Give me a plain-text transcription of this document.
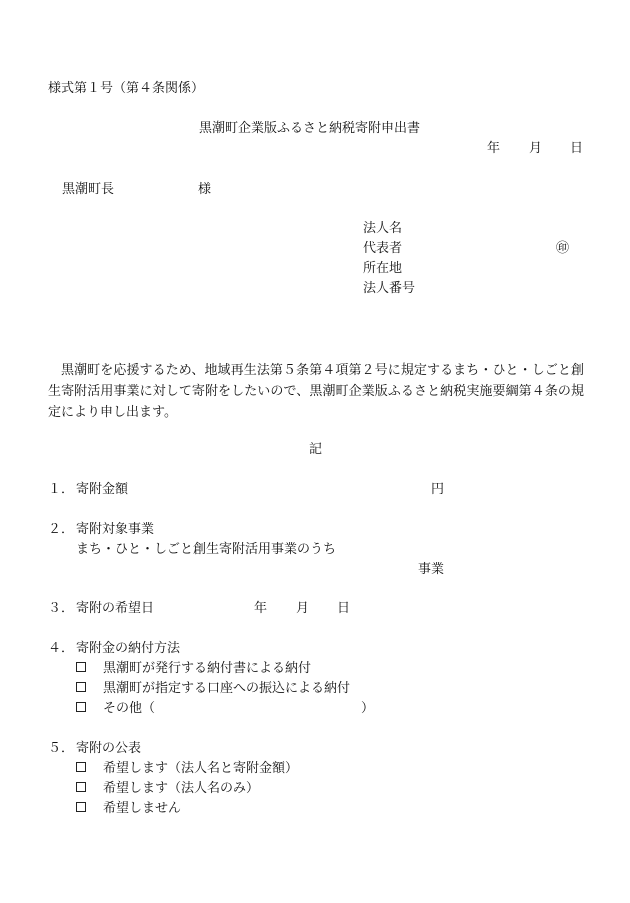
様式第１号（第４条関係）
黒潮町企業版ふるさと納税寄附申出書
年 月 日
黒潮町長	様
法人名
代表者	㊞
所在地
法人番号
黒潮町を応援するため、地域再生法第５条第４項第２号に規定するまち・ひと・しごと創生寄附活用事業に対して寄附をしたいので、黒潮町企業版ふるさと納税実施要綱第４条の規定により申し出ます。
記
１． 寄附金額	円
２． 寄附対象事業
まち・ひと・しごと創生寄附活用事業のうち
事業
３． 寄附の希望日	年 月 日
４． 寄附金の納付方法
黒潮町が発行する納付書による納付
黒潮町が指定する口座への振込による納付
その他（	）
５． 寄附の公表
希望します（法人名と寄附金額）
希望します（法人名のみ）
希望しません
